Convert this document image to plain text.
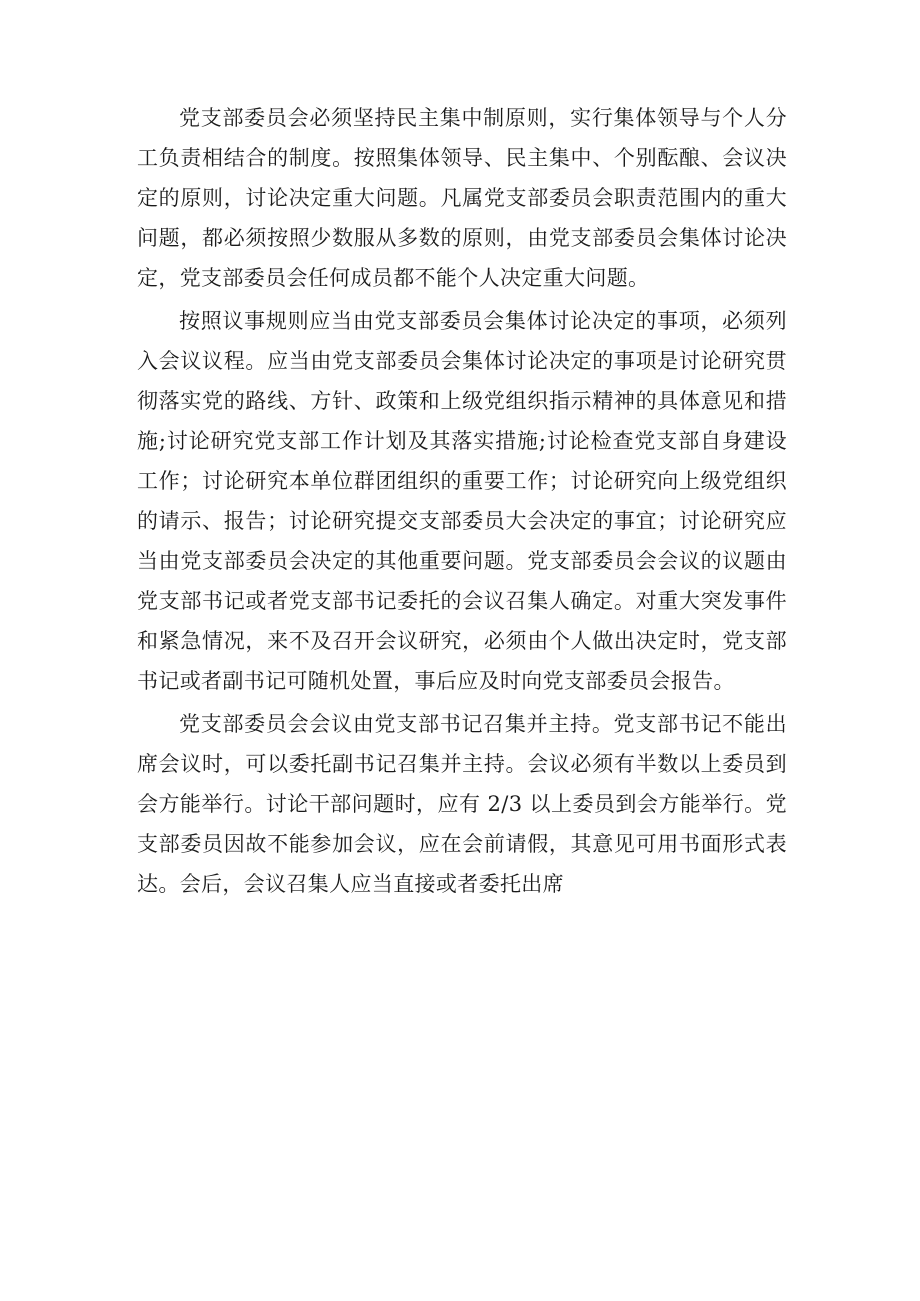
党支部委员会必须坚持民主集中制原则，实行集体领导与个人分工负责相结合的制度。按照集体领导、民主集中、个别酝酿、会议决定的原则，讨论决定重大问题。凡属党支部委员会职责范围内的重大问题，都必须按照少数服从多数的原则，由党支部委员会集体讨论决定，党支部委员会任何成员都不能个人决定重大问题。

按照议事规则应当由党支部委员会集体讨论决定的事项，必须列入会议议程。应当由党支部委员会集体讨论决定的事项是讨论研究贯彻落实党的路线、方针、政策和上级党组织指示精神的具体意见和措施;讨论研究党支部工作计划及其落实措施;讨论检查党支部自身建设工作；讨论研究本单位群团组织的重要工作；讨论研究向上级党组织的请示、报告；讨论研究提交支部委员大会决定的事宜；讨论研究应当由党支部委员会决定的其他重要问题。党支部委员会会议的议题由党支部书记或者党支部书记委托的会议召集人确定。对重大突发事件和紧急情况，来不及召开会议研究，必须由个人做出决定时，党支部书记或者副书记可随机处置，事后应及时向党支部委员会报告。

党支部委员会会议由党支部书记召集并主持。党支部书记不能出席会议时，可以委托副书记召集并主持。会议必须有半数以上委员到会方能举行。讨论干部问题时，应有 2/3 以上委员到会方能举行。党支部委员因故不能参加会议，应在会前请假，其意见可用书面形式表达。会后，会议召集人应当直接或者委托出席
